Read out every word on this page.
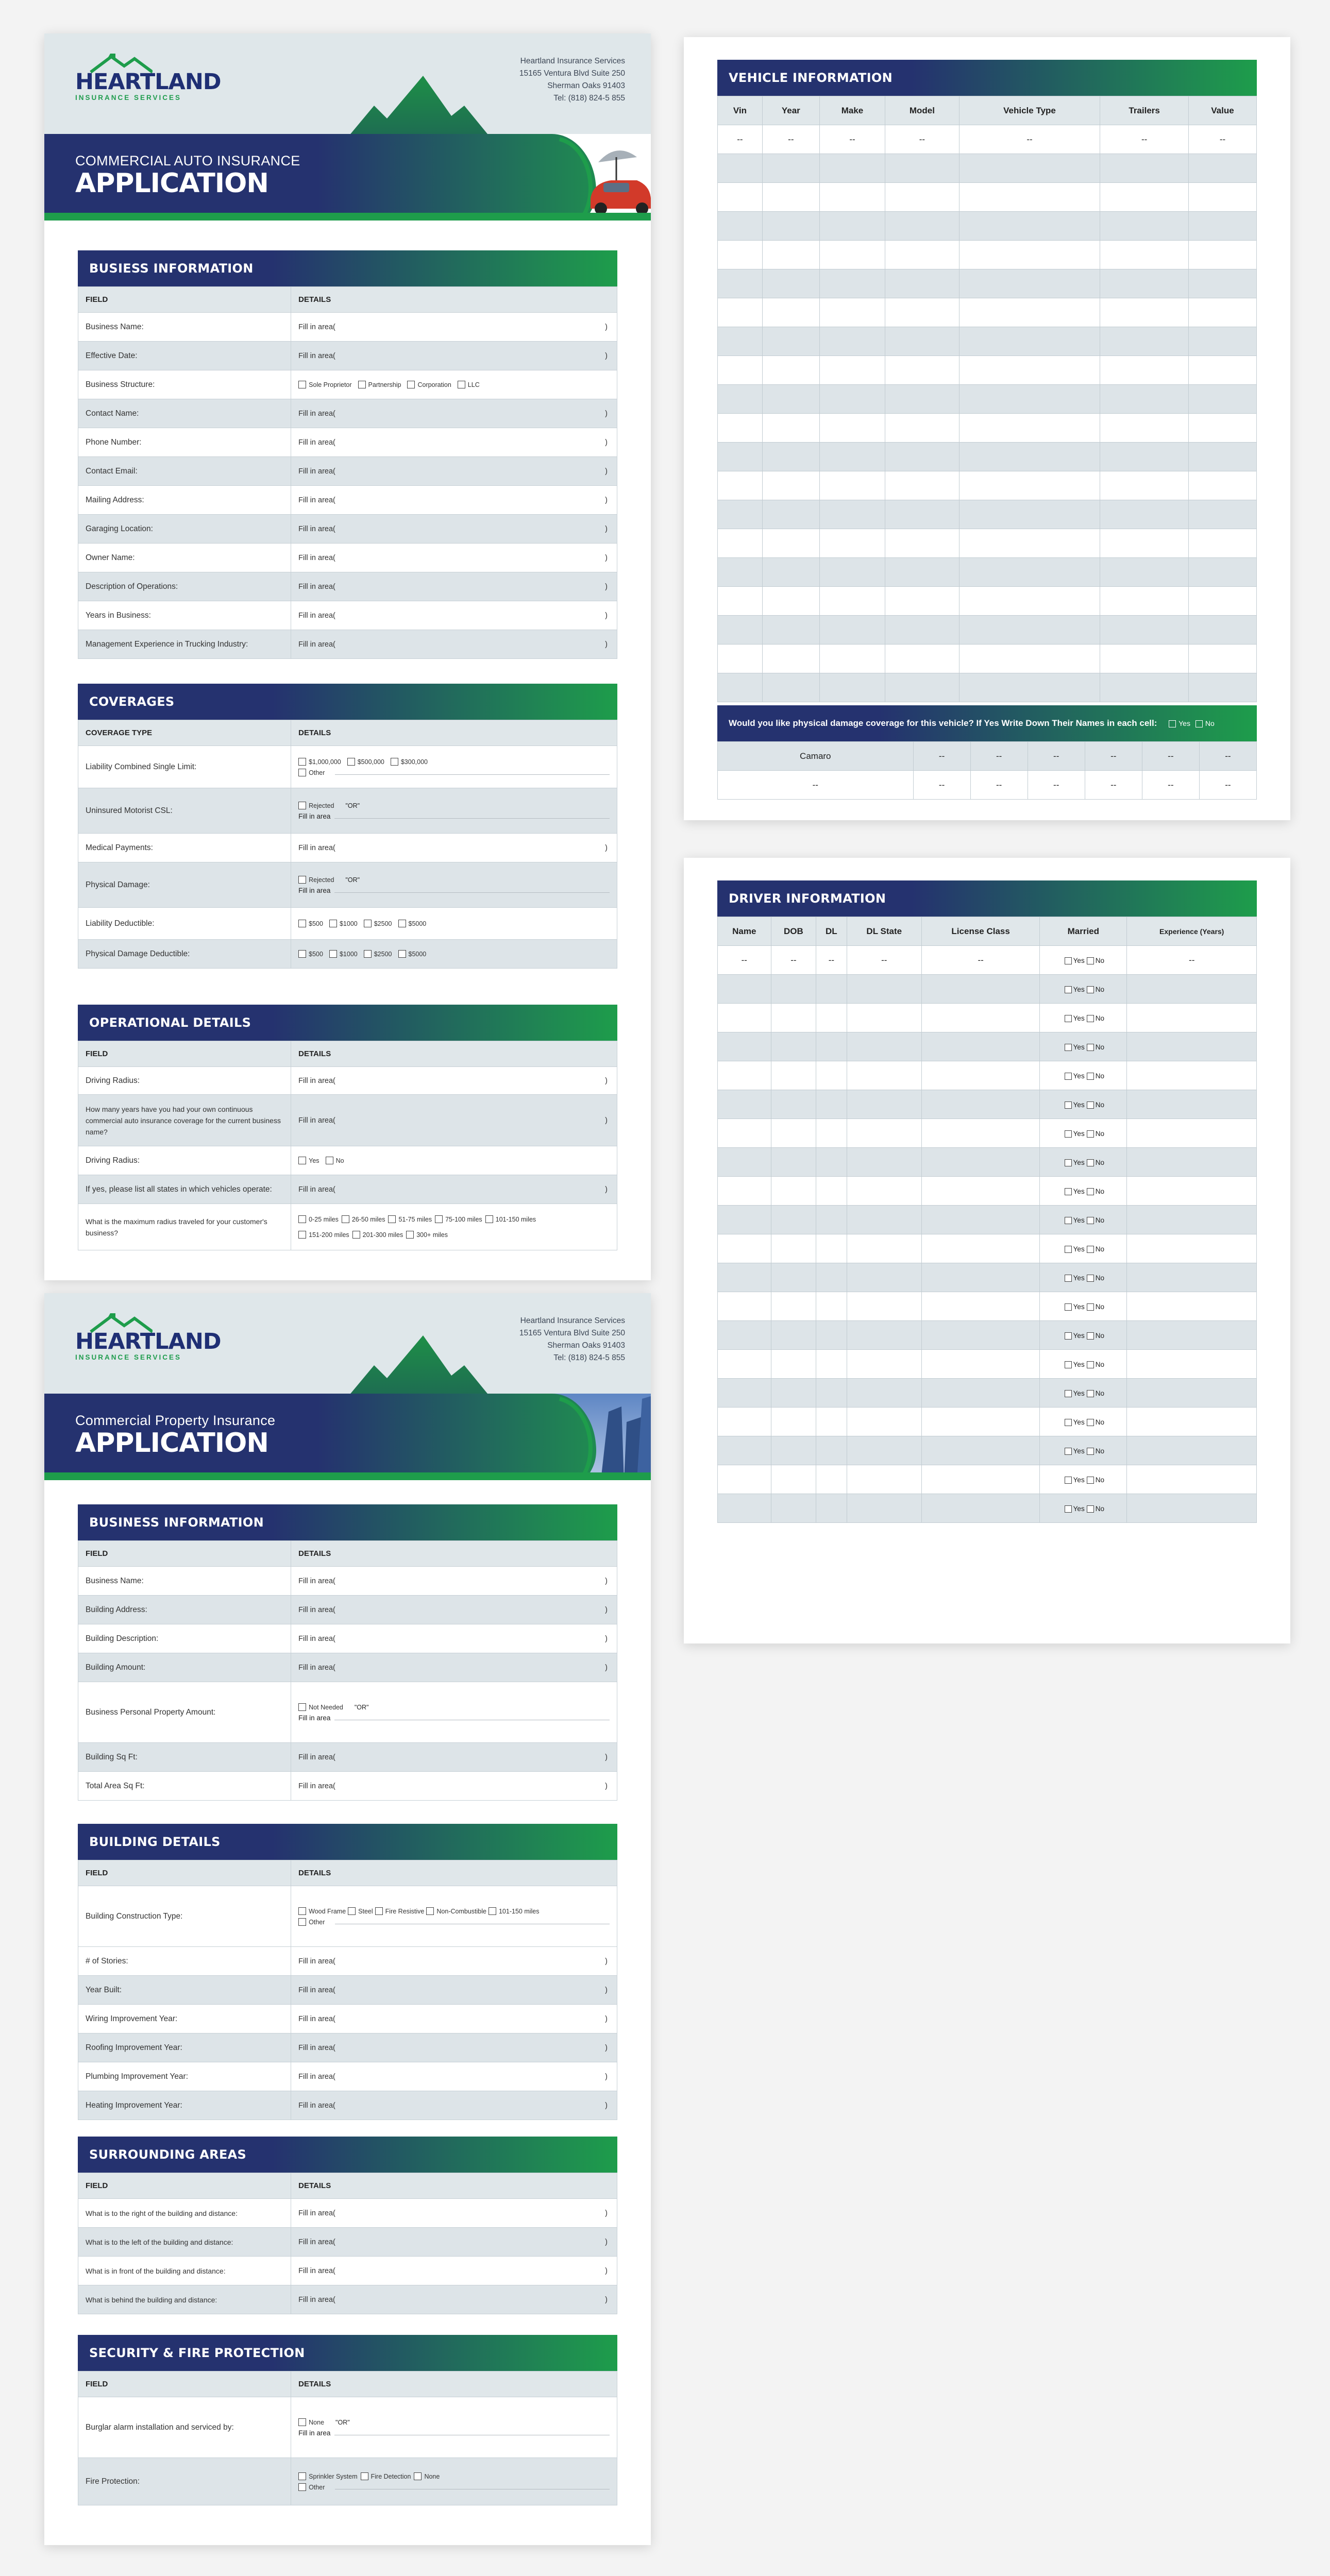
HEARTLAND
INSURANCE SERVICES
Heartland Insurance Services
15165 Ventura Blvd Suite 250
Sherman Oaks 91403
Tel: (818) 824-5 855
COMMERCIAL AUTO INSURANCE
APPLICATION
BUSIESS INFORMATION
FIELD	DETAILS
Business Name:	Fill in area( )

Effective Date:	Fill in area( )

Business Structure:	Sole Proprietor Partnership Corporation LLC
Contact Name:	Fill in area( )

Phone Number:	Fill in area( )

Contact Email:	Fill in area( )

Mailing Address:	Fill in area( )

Garaging Location:	Fill in area( )

Owner Name:	Fill in area( )

Description of Operations:	Fill in area( )

Years in Business:	Fill in area( )

Management Experience in Trucking Industry:	Fill in area( )
COVERAGES
COVERAGE TYPE	DETAILS
Liability Combined Single Limit:	$1,000,000 $500,000 $300,000
Other

Uninsured Motorist CSL:	Rejected "OR"
Fill in area

Medical Payments:	Fill in area( )

Physical Damage:	Rejected "OR"
Fill in area

Liability Deductible:	$500 $1000 $2500 $5000
Physical Damage Deductible:	$500 $1000 $2500 $5000
OPERATIONAL DETAILS
FIELD	DETAILS
Driving Radius:	Fill in area( )

How many years have you had your own continuous commercial auto insurance coverage for the current business name?	Fill in area( )

Driving Radius:	Yes No
If yes, please list all states in which vehicles operate:	Fill in area( )

What is the maximum radius traveled for your customer's business?	0-25 miles 26-50 miles 51-75 miles 75-100 miles 101-150 miles
151-200 miles 201-300 miles 300+ miles
HEARTLAND
INSURANCE SERVICES
Heartland Insurance Services
15165 Ventura Blvd Suite 250
Sherman Oaks 91403
Tel: (818) 824-5 855
Commercial Property Insurance
APPLICATION
BUSINESS INFORMATION
FIELD	DETAILS
Business Name:	Fill in area( )

Building Address:	Fill in area( )

Building Description:	Fill in area( )

Building Amount:	Fill in area( )

Business Personal Property Amount:	Not Needed "OR"
Fill in area

Building Sq Ft:	Fill in area( )

Total Area Sq Ft:	Fill in area( )
BUILDING DETAILS
FIELD	DETAILS
Building Construction Type:	Wood Frame Steel Fire Resistive Non-Combustible 101-150 miles
Other

# of Stories:	Fill in area( )

Year Built:	Fill in area( )

Wiring Improvement Year:	Fill in area( )

Roofing Improvement Year:	Fill in area( )

Plumbing Improvement Year:	Fill in area( )

Heating Improvement Year:	Fill in area( )
SURROUNDING AREAS
FIELD	DETAILS
What is to the right of the building and distance:	Fill in area( )

What is to the left of the building and distance:	Fill in area( )

What is in front of the building and distance:	Fill in area( )

What is behind the building and distance:	Fill in area( )
SECURITY & FIRE PROTECTION
FIELD	DETAILS
Burglar alarm installation and serviced by:	None "OR"
Fill in area

Fire Protection:	Sprinkler System Fire Detection None
Other
VEHICLE INFORMATION
Vin	Year	Make	Model	Vehicle Type	Trailers	Value
--	--	--	--	--	--	--

Would you like physical damage coverage for this vehicle? If Yes Write Down Their Names in each cell:	Yes No
Camaro	--	--	--	--	--	--
--	--	--	--	--	--	--
DRIVER INFORMATION
Name	DOB	DL	DL State	License Class	Married	Experience (Years)
--	--	--	--	--	Yes No	--
					Yes No	
					Yes No	
					Yes No	
					Yes No	
					Yes No	
					Yes No	
					Yes No	
					Yes No	
					Yes No	
					Yes No	
					Yes No	
					Yes No	
					Yes No	
					Yes No	
					Yes No	
					Yes No	
					Yes No	
					Yes No	
					Yes No	
